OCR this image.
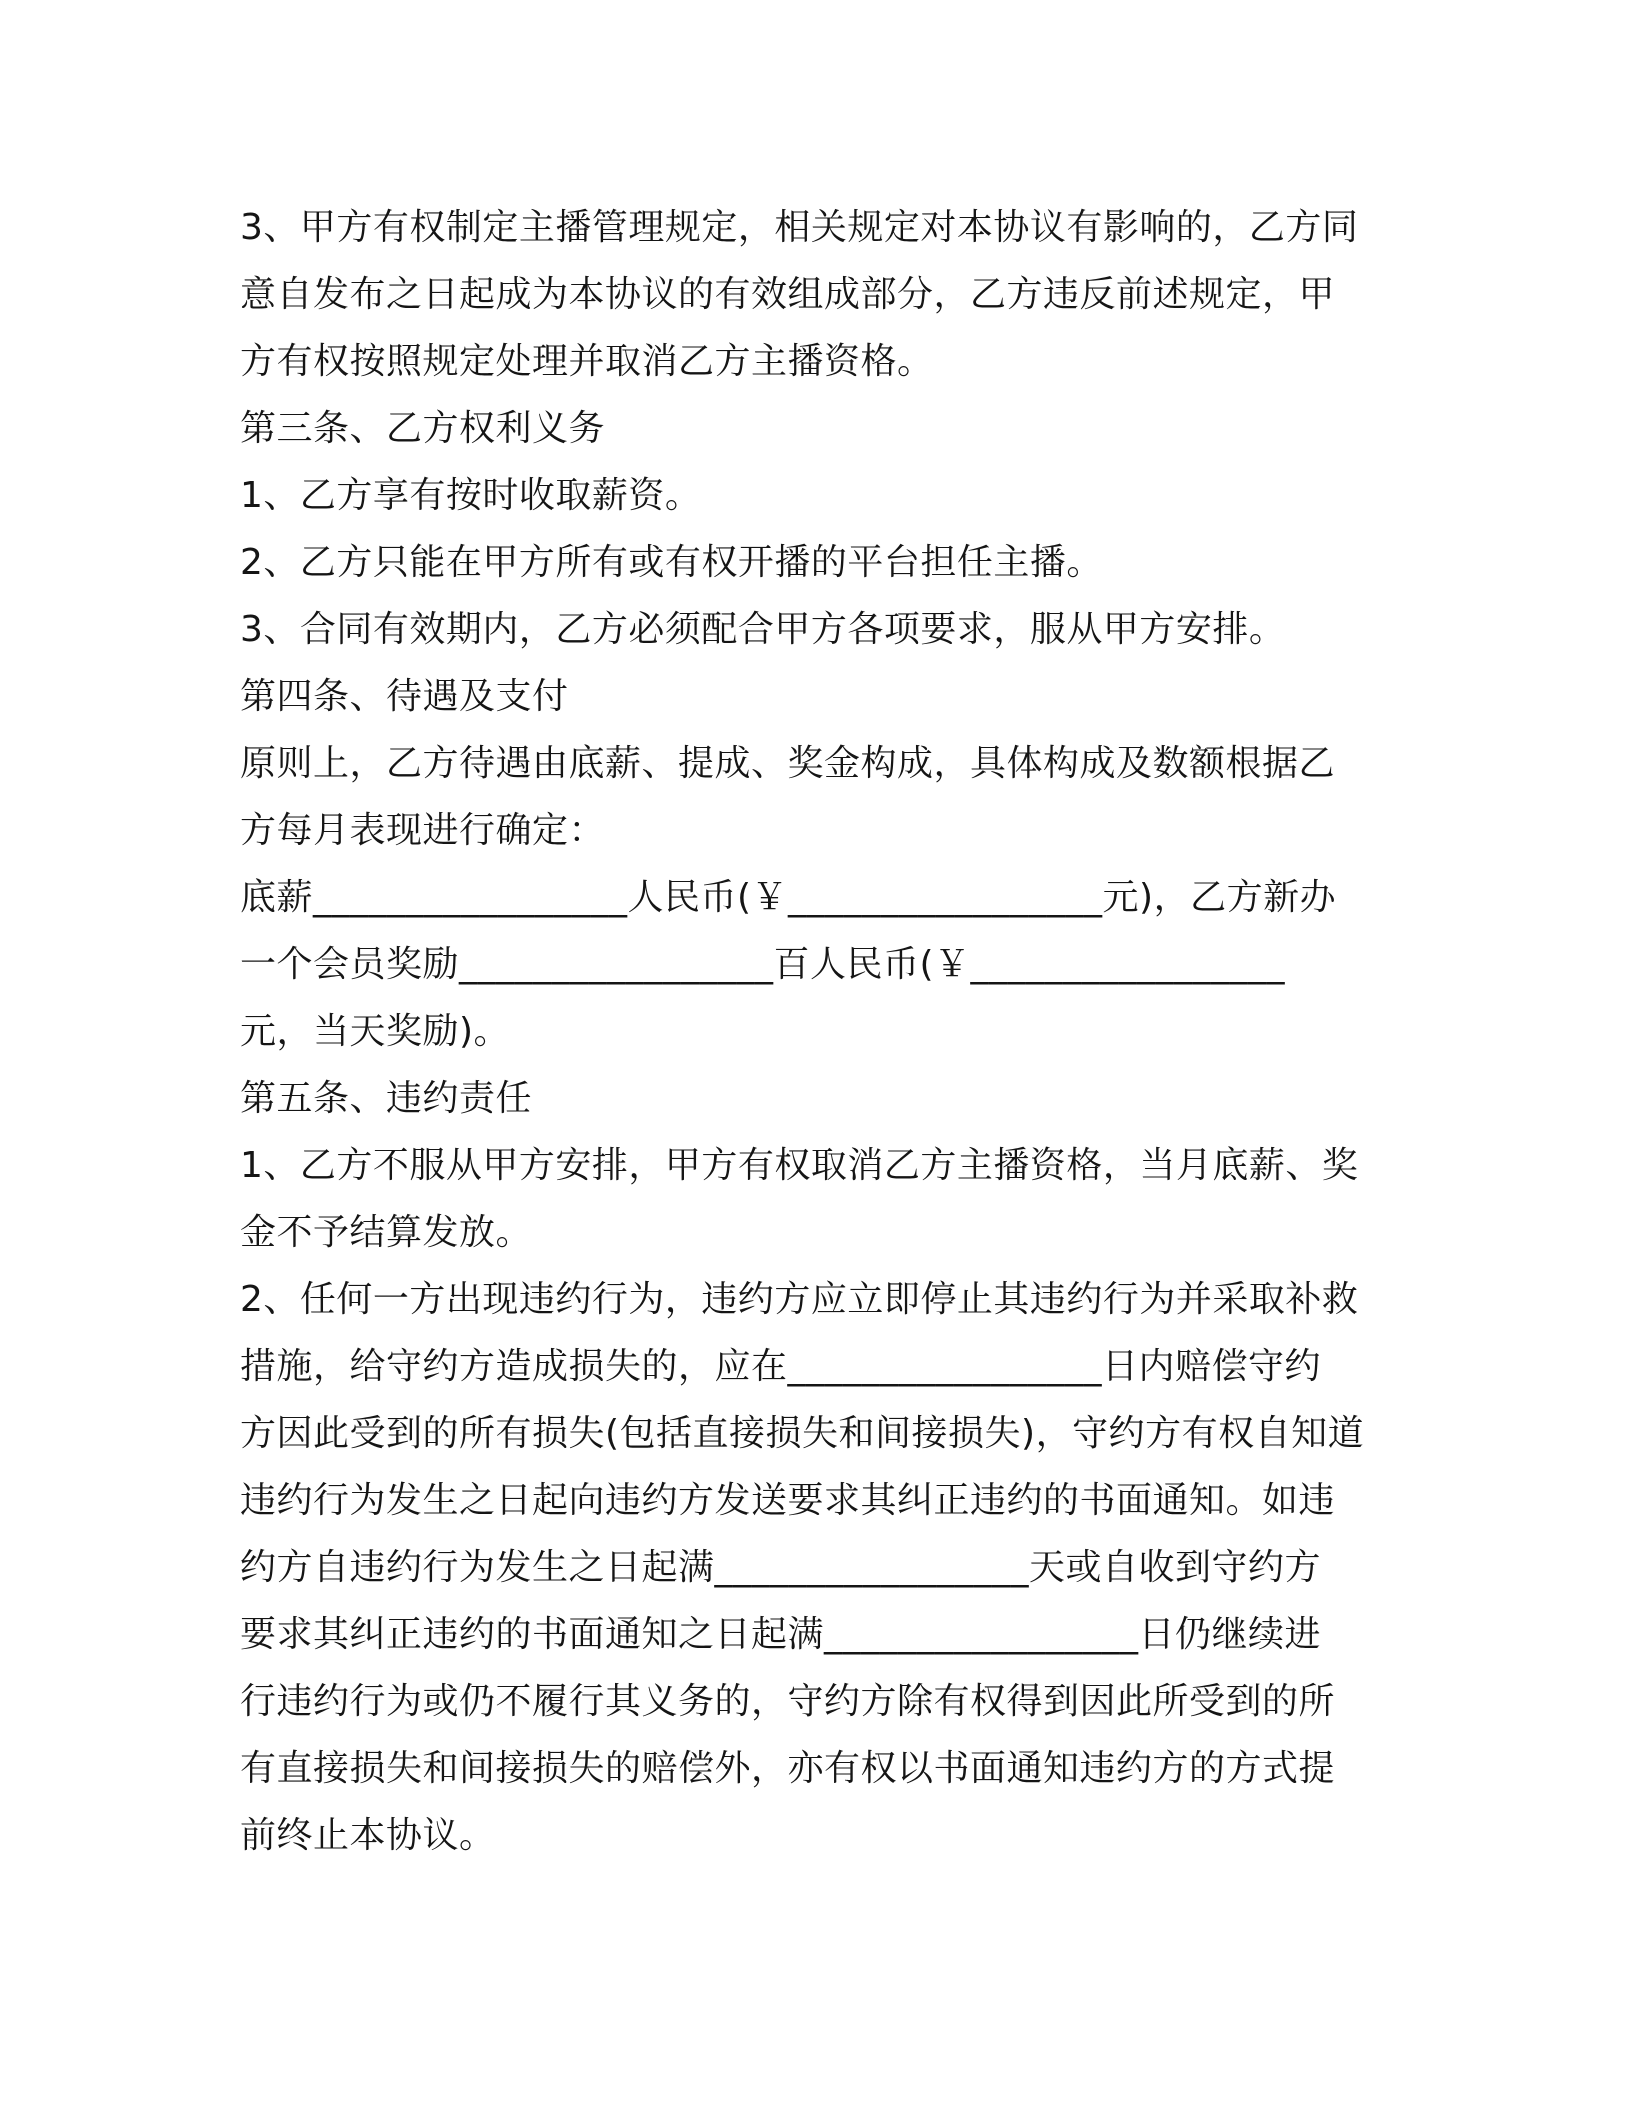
3、甲方有权制定主播管理规定，相关规定对本协议有影响的，乙方同
意自发布之日起成为本协议的有效组成部分，乙方违反前述规定，甲
方有权按照规定处理并取消乙方主播资格。
第三条、乙方权利义务
1、乙方享有按时收取薪资。
2、乙方只能在甲方所有或有权开播的平台担任主播。
3、合同有效期内，乙方必须配合甲方各项要求，服从甲方安排。
第四条、待遇及支付
原则上，乙方待遇由底薪、提成、奖金构成，具体构成及数额根据乙
方每月表现进行确定：
底薪_________________人民币(￥_________________元)，乙方新办
一个会员奖励_________________百人民币(￥_________________
元，当天奖励)。
第五条、违约责任
1、乙方不服从甲方安排，甲方有权取消乙方主播资格，当月底薪、奖
金不予结算发放。
2、任何一方出现违约行为，违约方应立即停止其违约行为并采取补救
措施，给守约方造成损失的，应在_________________日内赔偿守约
方因此受到的所有损失(包括直接损失和间接损失)，守约方有权自知道
违约行为发生之日起向违约方发送要求其纠正违约的书面通知。如违
约方自违约行为发生之日起满_________________天或自收到守约方
要求其纠正违约的书面通知之日起满_________________日仍继续进
行违约行为或仍不履行其义务的，守约方除有权得到因此所受到的所
有直接损失和间接损失的赔偿外，亦有权以书面通知违约方的方式提
前终止本协议。
